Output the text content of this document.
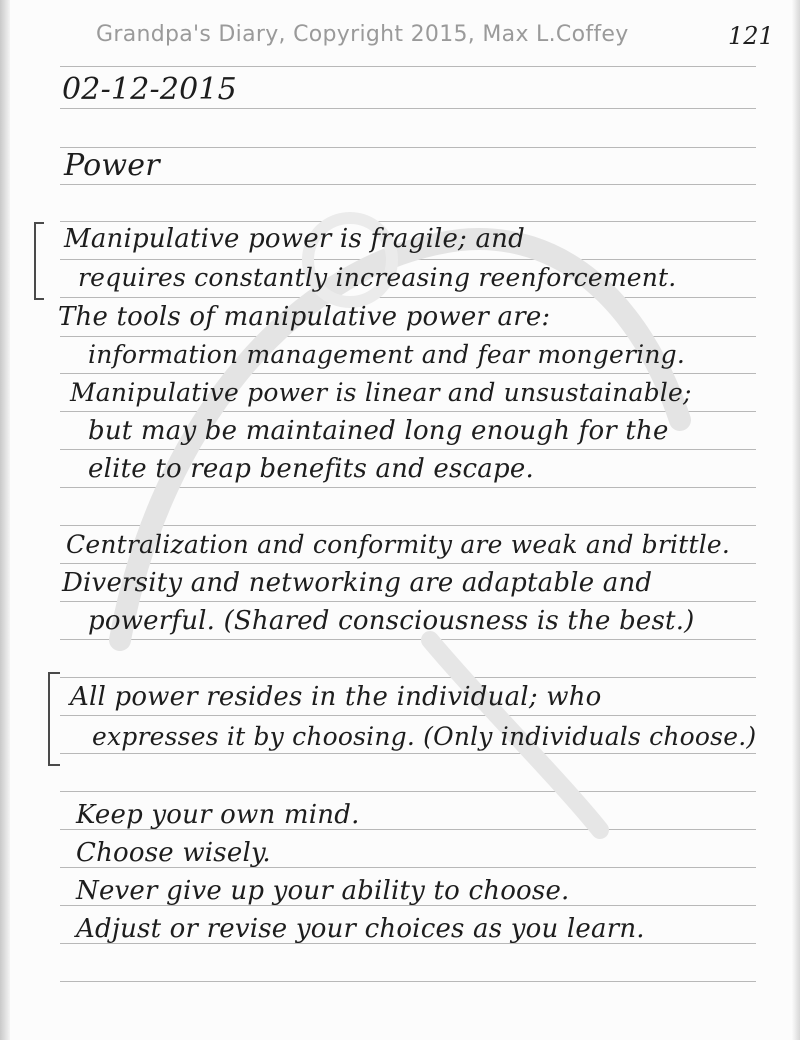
Grandpa's Diary, Copyright 2015, Max L.Coffey	121
02-12-2015
Power
Manipulative power is fragile; and
requires constantly increasing reenforcement.
The tools of manipulative power are:
information management and fear mongering.
Manipulative power is linear and unsustainable;
but may be maintained long enough for the
elite to reap benefits and escape.
Centralization and conformity are weak and brittle.
Diversity and networking are adaptable and
powerful. (Shared consciousness is the best.)
All power resides in the individual; who
expresses it by choosing. (Only individuals choose.)
Keep your own mind.
Choose wisely.
Never give up your ability to choose.
Adjust or revise your choices as you learn.
